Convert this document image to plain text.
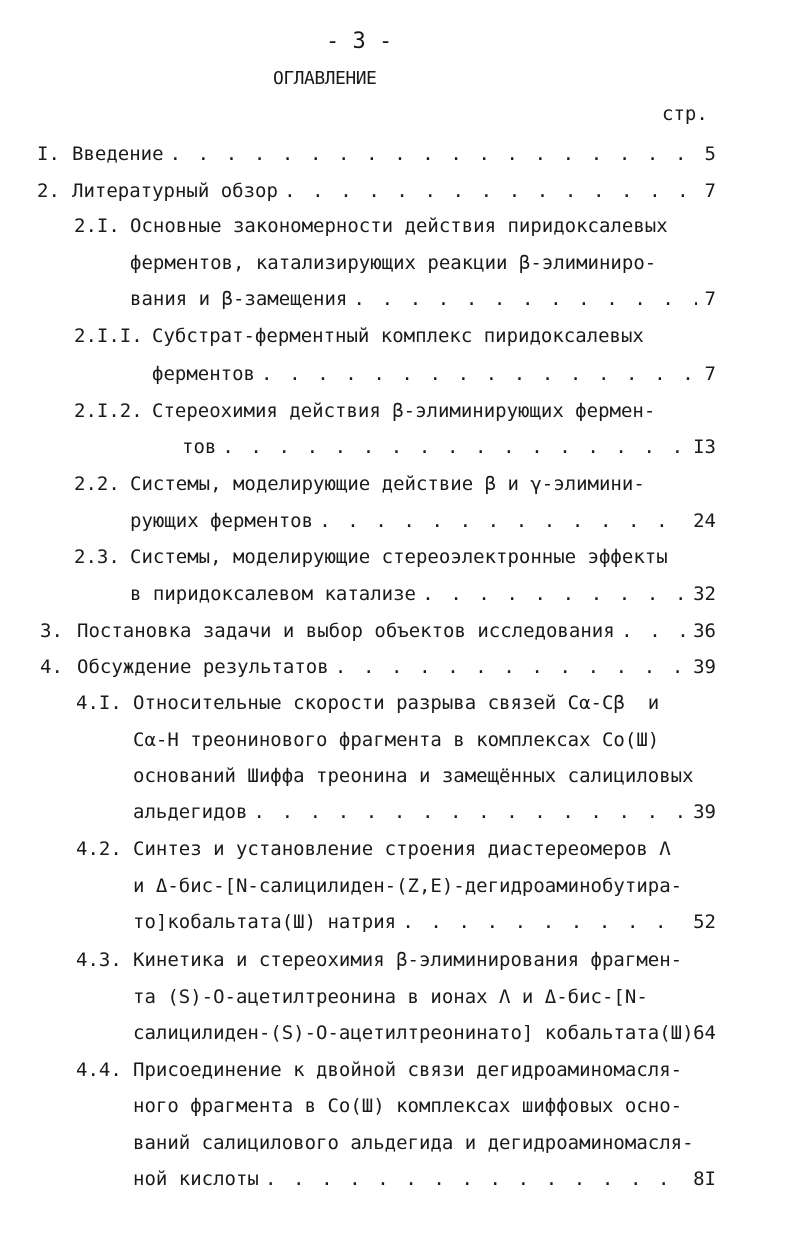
- 3 -
ОГЛАВЛЕНИЕ
стр.
I. Введение	5
. . .
2. Литературный обзор	7
. . .
2.I. Основные закономерности действия пиридоксалевых
ферментов, катализирующих реакции β-элиминиро-
вания и β-замещения	7
. . .
2.I.I. Субстрат-ферментный комплекс пиридоксалевых
ферментов	7
. . .
2.I.2. Стереохимия действия β-элиминирующих фермен-
тов	I3
. . .
2.2. Системы, моделирующие действие β и γ-элимини-
рующих ферментов	24
. . .
2.3. Системы, моделирующие стереоэлектронные эффекты
в пиридоксалевом катализе	32
. . .
3. Постановка задачи и выбор объектов исследования	36
. . .
4. Обсуждение результатов	39
. . .
4.I. Относительные скорости разрыва связей Cα-Cβ  и
Cα-H треонинового фрагмента в комплексах Co(Ш)
оснований Шиффа треонина и замещённых салициловых
альдегидов	39
. . .
4.2. Синтез и установление строения диастереомеров Λ
и Δ-бис-[N-салицилиден-(Z,E)-дегидроаминобутира-
то]кобальтата(Ш) натрия	52
. . .
4.3. Кинетика и стереохимия β-элиминирования фрагмен-
та (S)-O-ацетилтреонина в ионах Λ и Δ-бис-[N-
салицилиден-(S)-O-ацетилтреонинато] кобальтата(Ш) 64
4.4. Присоединение к двойной связи дегидроаминомасля-
ного фрагмента в Co(Ш) комплексах шиффовых осно-
ваний салицилового альдегида и дегидроаминомасля-
ной кислоты	8I
. . .
